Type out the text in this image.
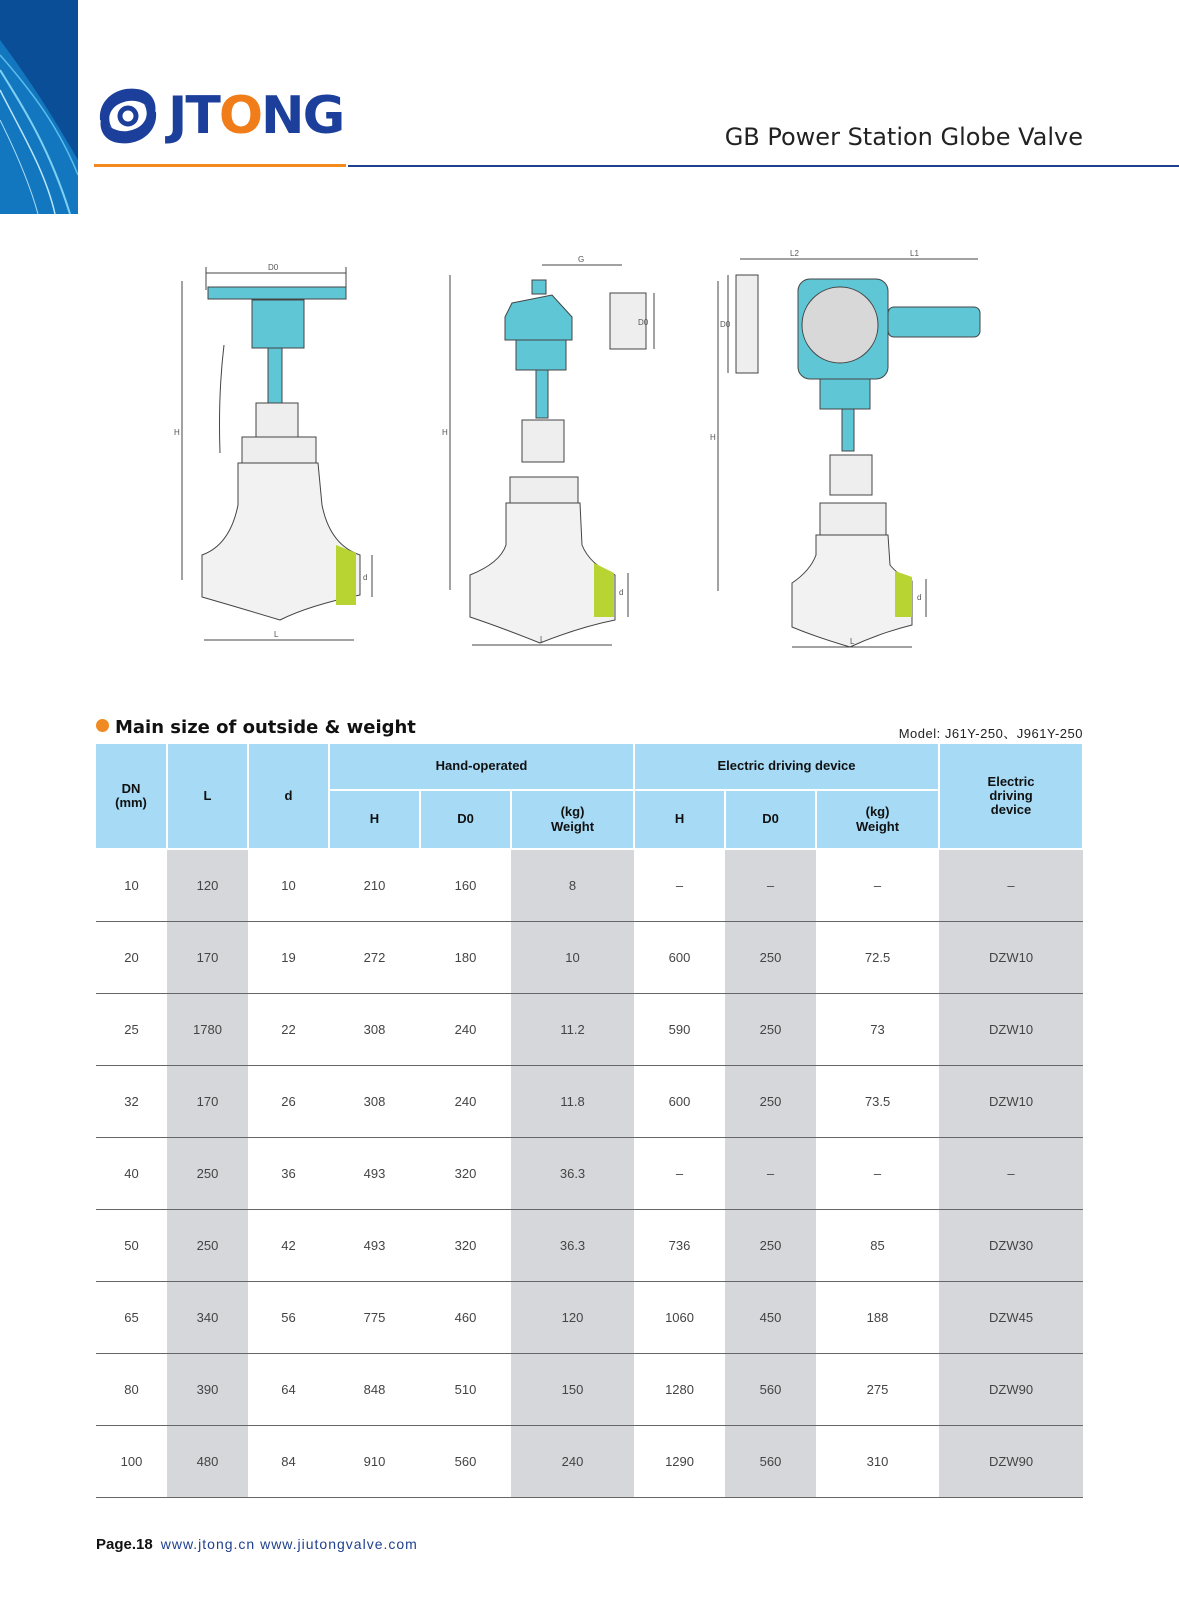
JTONG	GB Power Station Globe Valve
D0
H
L
d
G
D0
H
L
d
L2	L1
D0
H
L
d
Main size of outside & weight	Model: J61Y-250、J961Y-250
DN
(mm)	L	d	Hand-operated			Electric driving device			Electric
driving
device
			H	D0	(kg)
Weight	H	D0	(kg)
Weight	
10	120	10	210	160	8	–	–	–	–
20	170	19	272	180	10	600	250	72.5	DZW10
25	1780	22	308	240	11.2	590	250	73	DZW10
32	170	26	308	240	11.8	600	250	73.5	DZW10
40	250	36	493	320	36.3	–	–	–	–
50	250	42	493	320	36.3	736	250	85	DZW30
65	340	56	775	460	120	1060	450	188	DZW45
80	390	64	848	510	150	1280	560	275	DZW90
100	480	84	910	560	240	1290	560	310	DZW90
Page.18 www.jtong.cn www.jiutongvalve.com
